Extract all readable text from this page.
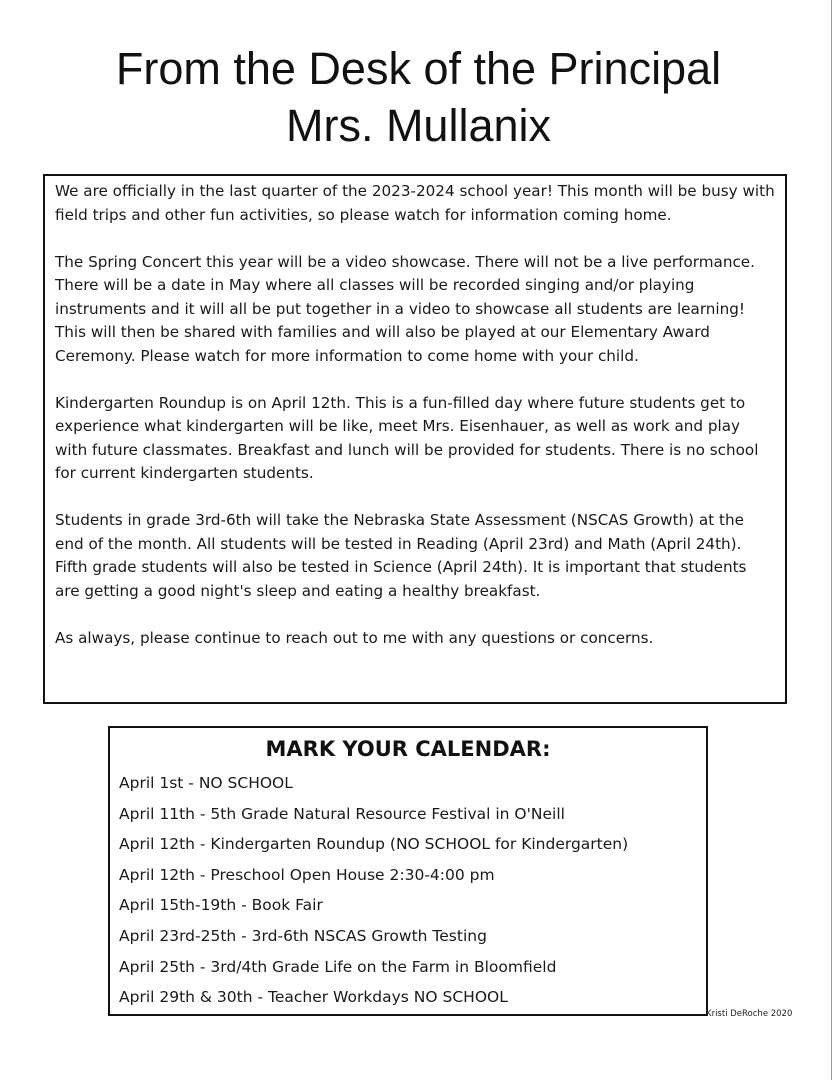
From the Desk of the Principal

Mrs. Mullanix

We are officially in the last quarter of the 2023-2024 school year! This month will be busy with field trips and other fun activities, so please watch for information coming home.

The Spring Concert this year will be a video showcase. There will not be a live performance. There will be a date in May where all classes will be recorded singing and/or playing instruments and it will all be put together in a video to showcase all students are learning! This will then be shared with families and will also be played at our Elementary Award Ceremony. Please watch for more information to come home with your child.

Kindergarten Roundup is on April 12th. This is a fun-filled day where future students get to experience what kindergarten will be like, meet Mrs. Eisenhauer, as well as work and play with future classmates. Breakfast and lunch will be provided for students. There is no school for current kindergarten students.

Students in grade 3rd-6th will take the Nebraska State Assessment (NSCAS Growth) at the end of the month. All students will be tested in Reading (April 23rd) and Math (April 24th). Fifth grade students will also be tested in Science (April 24th). It is important that students are getting a good night's sleep and eating a healthy breakfast.

As always, please continue to reach out to me with any questions or concerns.

MARK YOUR CALENDAR:
April 1st - NO SCHOOL
April 11th - 5th Grade Natural Resource Festival in O'Neill
April 12th - Kindergarten Roundup (NO SCHOOL for Kindergarten)
April 12th - Preschool Open House 2:30-4:00 pm
April 15th-19th - Book Fair
April 23rd-25th - 3rd-6th NSCAS Growth Testing
April 25th - 3rd/4th Grade Life on the Farm in Bloomfield
April 29th & 30th - Teacher Workdays NO SCHOOL
Kristi DeRoche 2020
